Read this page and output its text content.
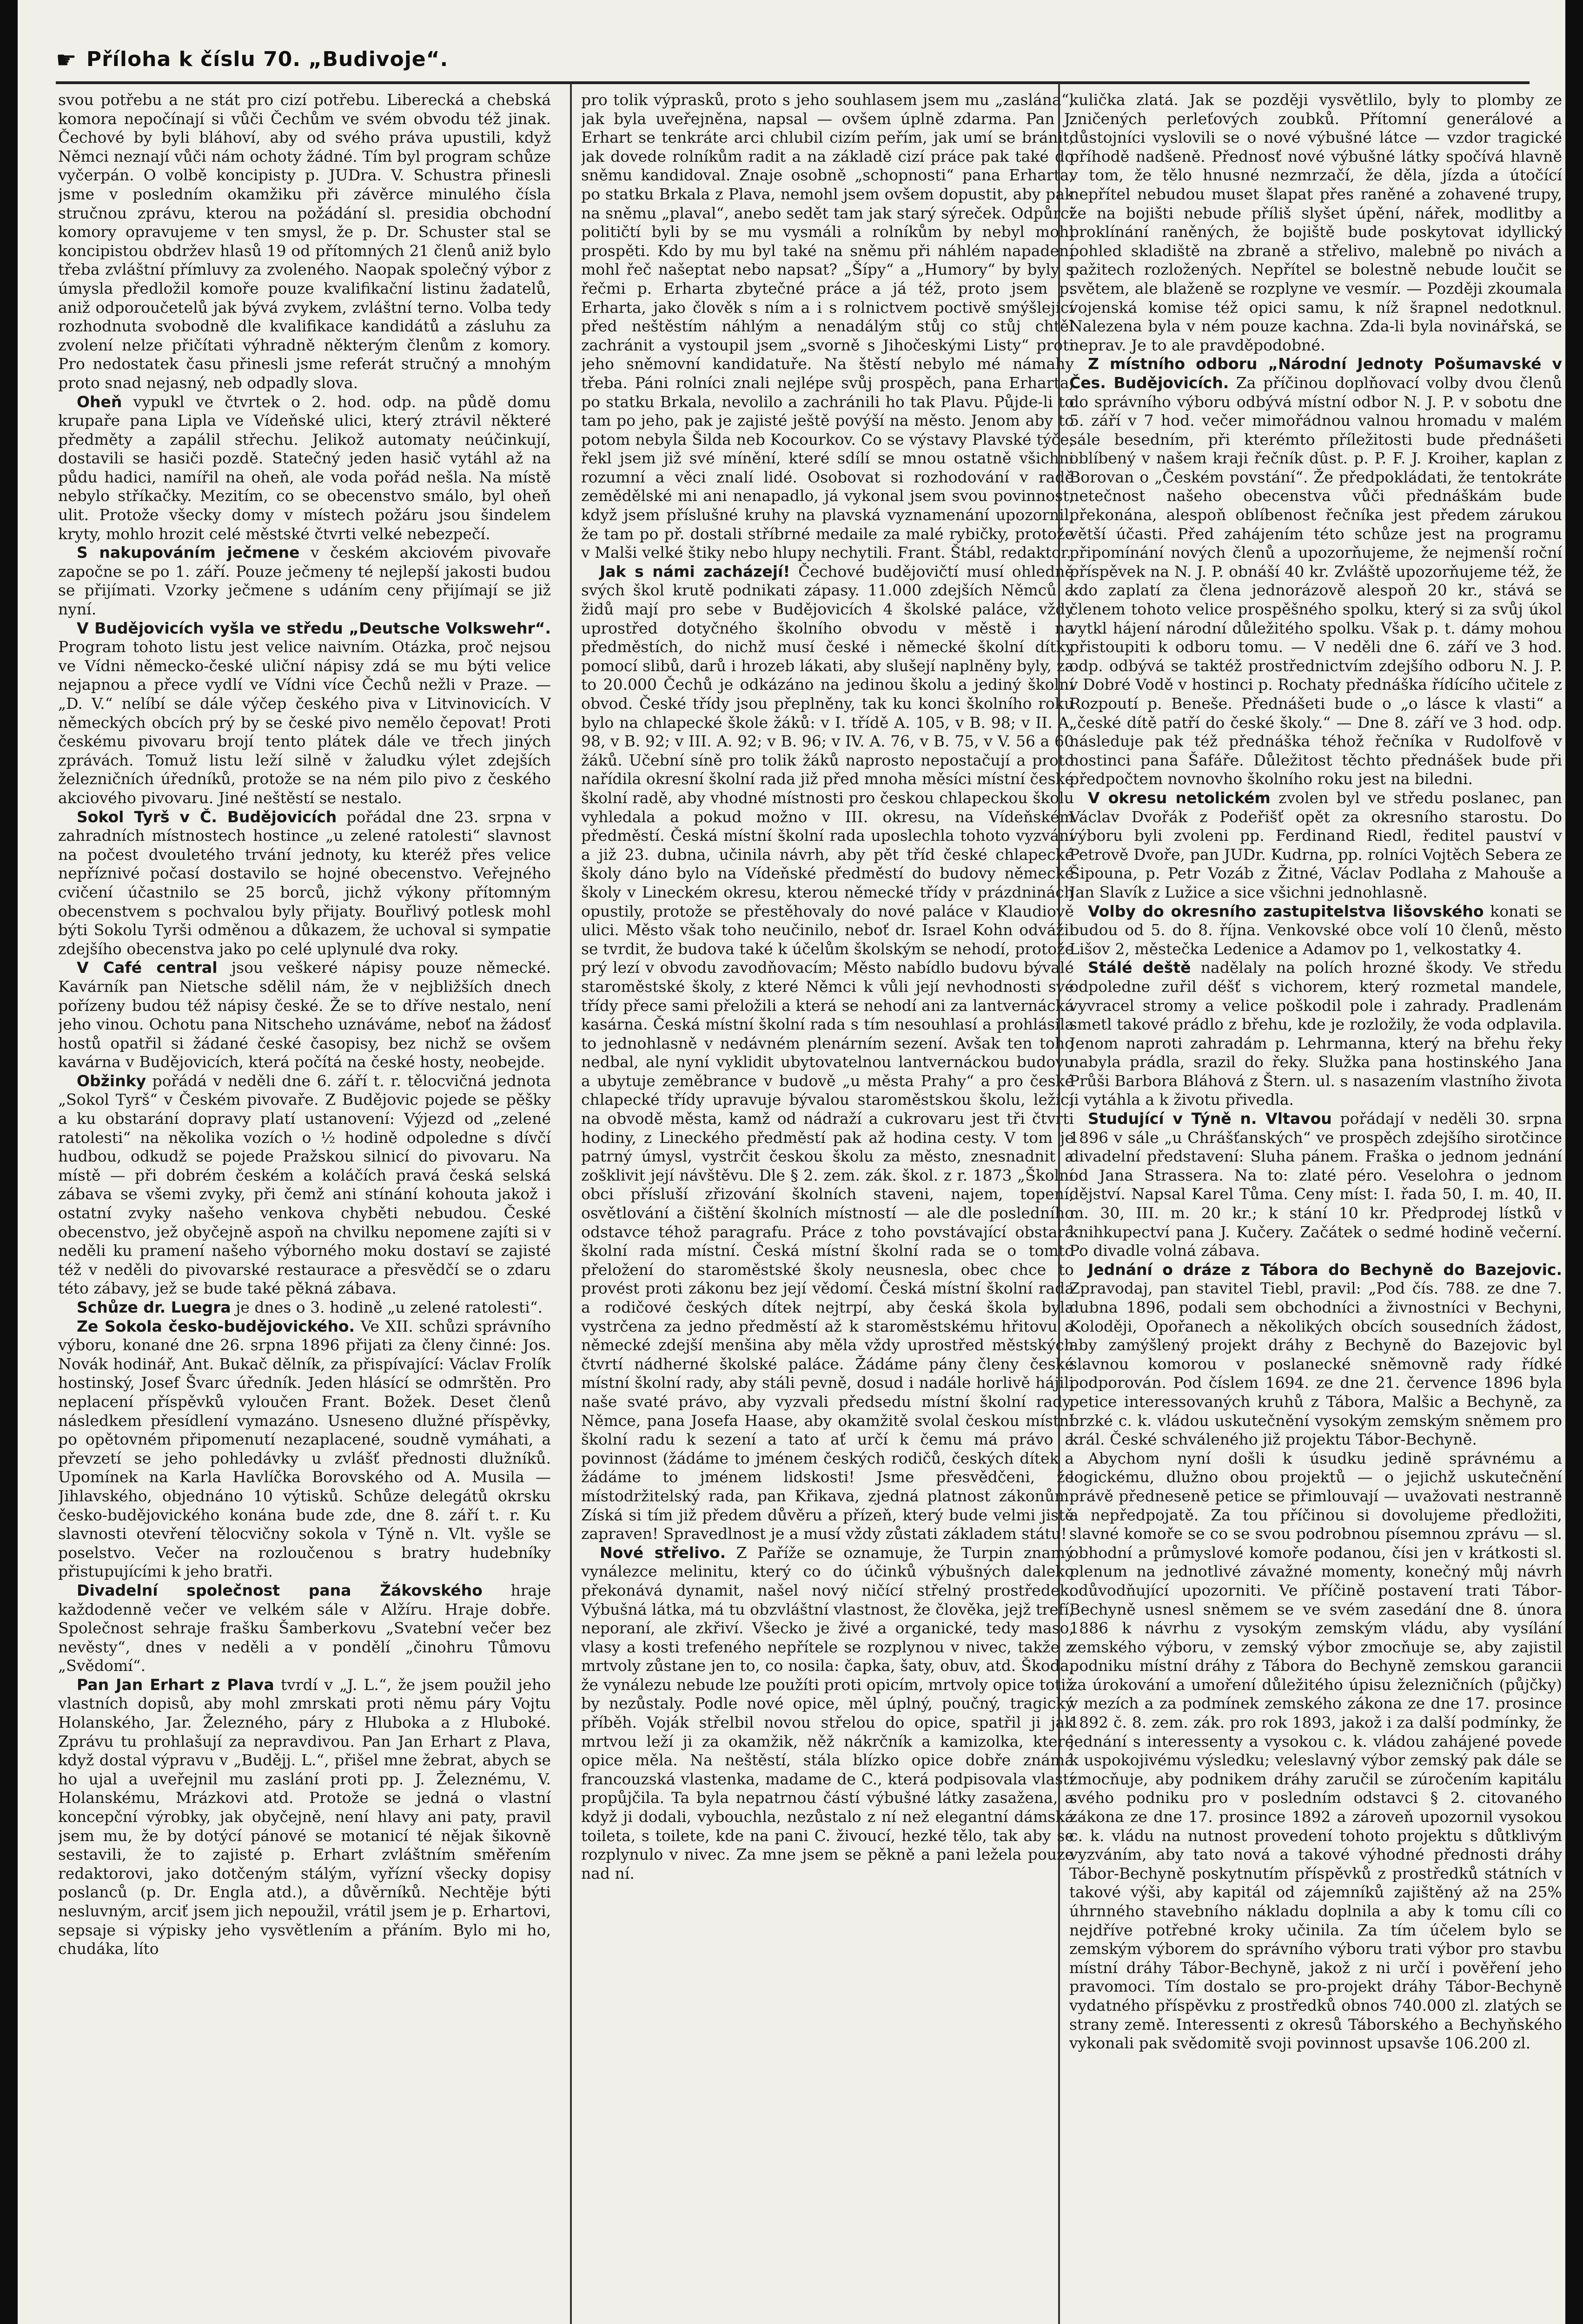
☛ Příloha k číslu 70. „Budivoje“.

svou potřebu a ne stát pro cizí potřebu. Liberecká a chebská komora nepočínají si vůči Čechům ve svém obvodu též jinak. Čechové by byli bláhoví, aby od svého práva upustili, když Němci neznají vůči nám ochoty žádné. Tím byl program schůze vyčerpán. O volbě koncipisty p. JUDra. V. Schustra přinesli jsme v posledním okamžiku při závěrce minulého čísla stručnou zprávu, kterou na požádání sl. presidia obchodní komory opravujeme v ten smysl, že p. Dr. Schuster stal se koncipistou obdržev hlasů 19 od přítomných 21 členů aniž bylo třeba zvláštní přímluvy za zvoleného. Naopak společný výbor z úmysla předložil komoře pouze kvalifikační listinu žadatelů, aniž odporoučetelů jak bývá zvykem, zvláštní terno. Volba tedy rozhodnuta svobodně dle kvalifikace kandidátů a zásluhu za zvolení nelze přičítati výhradně některým členům z komory. Pro nedostatek času přinesli jsme referát stručný a mnohým proto snad nejasný, neb odpadly slova.

Oheň vypukl ve čtvrtek o 2. hod. odp. na půdě domu krupaře pana Lipla ve Vídeňské ulici, který ztrávil některé předměty a zapálil střechu. Jelikož automaty neúčinkují, dostavili se hasiči pozdě. Statečný jeden hasič vytáhl až na půdu hadici, namířil na oheň, ale voda pořád nešla. Na místě nebylo stříkačky. Mezitím, co se obecenstvo smálo, byl oheň ulit. Protože všecky domy v místech požáru jsou šindelem kryty, mohlo hrozit celé městské čtvrti velké nebezpečí.

S nakupováním ječmene v českém akciovém pivovaře započne se po 1. září. Pouze ječmeny té nejlepší jakosti budou se přijímati. Vzorky ječmene s udáním ceny přijímají se již nyní.

V Budějovicích vyšla ve středu „Deutsche Volkswehr“. Program tohoto listu jest velice naivním. Otázka, proč nejsou ve Vídni německo-české uliční nápisy zdá se mu býti velice nejapnou a přece vydlí ve Vídni více Čechů nežli v Praze. — „D. V.“ nelíbí se dále výčep českého piva v Litvinovicích. V německých obcích prý by se české pivo nemělo čepovat! Proti českému pivovaru brojí tento plátek dále ve třech jiných zprávách. Tomuž listu leží silně v žaludku výlet zdejších železničních úředníků, protože se na ném pilo pivo z českého akciového pivovaru. Jiné neštěstí se nestalo.

Sokol Tyrš v Č. Budějovicích pořádal dne 23. srpna v zahradních místnostech hostince „u zelené ratolesti“ slavnost na počest dvouletého trvání jednoty, ku kteréž přes velice nepříznivé počasí dostavilo se hojné obecenstvo. Veřejného cvičení účastnilo se 25 borců, jichž výkony přítomným obecenstvem s pochvalou byly přijaty. Bouřlivý potlesk mohl býti Sokolu Tyrši odměnou a důkazem, že uchoval si sympatie zdejšího obecenstva jako po celé uplynulé dva roky.

V Café central jsou veškeré nápisy pouze německé. Kavárník pan Nietsche sdělil nám, že v nejbližších dnech pořízeny budou též nápisy české. Že se to dříve nestalo, není jeho vinou. Ochotu pana Nitscheho uznáváme, neboť na žádosť hostů opatřil si žádané české časopisy, bez nichž se ovšem kavárna v Budějovicích, která počítá na české hosty, neobejde.

Obžinky pořádá v neděli dne 6. září t. r. tělocvičná jednota „Sokol Tyrš“ v Českém pivovaře. Z Budějovic pojede se pěšky a ku obstarání dopravy platí ustanovení: Výjezd od „zelené ratolesti“ na několika vozích o ½ hodině odpoledne s dívčí hudbou, odkudž se pojede Pražskou silnicí do pivovaru. Na místě — při dobrém českém a koláčích pravá česká selská zábava se všemi zvyky, při čemž ani stínání kohouta jakož i ostatní zvyky našeho venkova chyběti nebudou. České obecenstvo, jež obyčejně aspoň na chvilku nepomene zajíti si v neděli ku pramení našeho výborného moku dostaví se zajisté též v neděli do pivovarské restaurace a přesvědčí se o zdaru této zábavy, jež se bude také pěkná zábava.

Schůze dr. Luegra je dnes o 3. hodině „u zelené ratolesti“.

Ze Sokola česko-budějovického. Ve XII. schůzi správního výboru, konané dne 26. srpna 1896 přijati za členy činné: Jos. Novák hodinář, Ant. Bukač dělník, za přispívající: Václav Frolík hostinský, Josef Švarc úředník. Jeden hlásící se odmrštěn. Pro neplacení příspěvků vyloučen Frant. Božek. Deset členů následkem přesídlení vymazáno. Usneseno dlužné příspěvky, po opětovném připomenutí nezaplacené, soudně vymáhati, a převzetí se jeho pohledávky u zvlášť přednosti dlužníků. Upomínek na Karla Havlíčka Borovského od A. Musila — Jihlavského, objednáno 10 výtisků. Schůze delegátů okrsku česko-budějovického konána bude zde, dne 8. září t. r. Ku slavnosti otevření tělocvičny sokola v Týně n. Vlt. vyšle se poselstvo. Večer na rozloučenou s bratry hudebníky přistupujícími k jeho bratři.

Divadelní společnost pana Žákovského hraje každodenně večer ve velkém sále v Alžíru. Hraje dobře. Společnost sehraje frašku Šamberkovu „Svatební večer bez nevěsty“, dnes v neděli a v pondělí „činohru Tůmovu „Svědomí“.

Pan Jan Erhart z Plava tvrdí v „J. L.“, že jsem použil jeho vlastních dopisů, aby mohl zmrskati proti němu páry Vojtu Holanského, Jar. Železného, páry z Hluboka a z Hluboké. Zprávu tu prohlašují za nepravdivou. Pan Jan Erhart z Plava, když dostal výpravu v „Budějj. L.“, přišel mne žebrat, abych se ho ujal a uveřejnil mu zaslání proti pp. J. Železnému, V. Holanskému, Mrázkovi atd. Protože se jedná o vlastní koncepční výrobky, jak obyčejně, není hlavy ani paty, pravil jsem mu, že by dotýcí pánové se motanicí té nějak šikovně sestavili, že to zajisté p. Erhart zvláštním směřením redaktorovi, jako dotčeným stálým, vyřízní všecky dopisy poslanců (p. Dr. Engla atd.), a důvěrníků. Nechtěje býti nesluvným, arciť jsem jich nepoužil, vrátil jsem je p. Erhartovi, sepsaje si výpisky jeho vysvětlením a přáním. Bylo mi ho, chudáka, líto

pro tolik výprasků, proto s jeho souhlasem jsem mu „zaslána“, jak byla uveřejněna, napsal — ovšem úplně zdarma. Pan J. Erhart se tenkráte arci chlubil cizím peřím, jak umí se bránit, jak dovede rolníkům radit a na základě cizí práce pak také do sněmu kandidoval. Znaje osobně „schopnosti“ pana Erharta, po statku Brkala z Plava, nemohl jsem ovšem dopustit, aby pak na sněmu „plaval“, anebo sedět tam jak starý sýreček. Odpůrci političtí byli by se mu vysmáli a rolníkům by nebyl mohl prospěti. Kdo by mu byl také na sněmu při náhlém napadení mohl řeč našeptat nebo napsat? „Šípy“ a „Humory“ by byly s řečmi p. Erharta zbytečné práce a já též, proto jsem p. Erharta, jako člověk s ním a i s rolnictvem poctivě smýšlející před neštěstím náhlým a nenadálým stůj co stůj chtěl zachránit a vystoupil jsem „svorně s Jihočeskými Listy“ proti jeho sněmovní kandidatuře. Na štěstí nebylo mé námahy třeba. Páni rolníci znali nejlépe svůj prospěch, pana Erharta, po statku Brkala, nevolilo a zachránili ho tak Plavu. Půjde-li to tam po jeho, pak je zajisté ještě povýší na město. Jenom aby to potom nebyla Šilda neb Kocourkov. Co se výstavy Plavské týče, řekl jsem již své mínění, které sdílí se mnou ostatně všichni rozumní a věci znalí lidé. Osobovat si rozhodování v radě zemědělské mi ani nenapadlo, já vykonal jsem svou povinnost, když jsem příslušné kruhy na plavská vyznamenání upozornil, že tam po př. dostali stříbrné medaile za malé rybičky, protože v Malši velké štiky nebo hlupy nechytili. Frant. Štábl, redaktor.

Jak s námi zacházejí! Čechové budějovičtí musí ohledně svých škol krutě podnikati zápasy. 11.000 zdejších Němců a židů mají pro sebe v Budějovicích 4 školské paláce, vždy uprostřed dotyčného školního obvodu v městě i na předměstích, do nichž musí české i německé školní dítky pomocí slibů, darů i hrozeb lákati, aby slušejí naplněny byly, za to 20.000 Čechů je odkázáno na jedinou školu a jediný školní obvod. České třídy jsou přeplněny, tak ku konci školního roku bylo na chlapecké škole žáků: v I. třídě A. 105, v B. 98; v II. A. 98, v B. 92; v III. A. 92; v B. 96; v IV. A. 76, v B. 75, v V. 56 a 60 žáků. Učební síně pro tolik žáků naprosto nepostačují a proto nařídila okresní školní rada již před mnoha měsíci místní české školní radě, aby vhodné místnosti pro českou chlapeckou školu vyhledala a pokud možno v III. okresu, na Vídeňském předměstí. Česká místní školní rada uposlechla tohoto vyzvání a již 23. dubna, učinila návrh, aby pět tříd české chlapecké školy dáno bylo na Vídeňské předměstí do budovy německé školy v Lineckém okresu, kterou německé třídy v prázdninách opustily, protože se přestěhovaly do nové paláce v Klaudiově ulici. Město však toho neučinilo, neboť dr. Israel Kohn odvážil se tvrdit, že budova také k účelům školským se nehodí, protože prý lezí v obvodu zavodňovacím; Město nabídlo budovu bývalé staroměstské školy, z které Němci k vůli její nevhodnosti své třídy přece sami přeložili a která se nehodí ani za lantvernácká kasárna. Česká místní školní rada s tím nesouhlasí a prohlásila to jednohlasně v nedávném plenárním sezení. Avšak ten toho nedbal, ale nyní vyklidit ubytovatelnou lantvernáckou budovu a ubytuje zeměbrance v budově „u města Prahy“ a pro české chlapecké třídy upravuje bývalou staroměstskou školu, ležící na obvodě města, kamž od nádraží a cukrovaru jest tři čtvrti hodiny, z Lineckého předměstí pak až hodina cesty. V tom je patrný úmysl, vystrčit českou školu za město, znesnadnit a zošklivit její návštěvu. Dle § 2. zem. zák. škol. z r. 1873 „Školní obci přísluší zřizování školních staveni, najem, topení, osvětlování a čištění školních místností — ale dle posledního odstavce téhož paragrafu. Práce z toho povstávající obstará školní rada místní. Česká místní školní rada se o tomto přeložení do staroměstské školy neusnesla, obec chce to provést proti zákonu bez její vědomí. Česká místní školní rada a rodičové českých dítek nejtrpí, aby česká škola byla vystrčena za jedno předměstí až k staroměstskému hřitovu a německé zdejší menšina aby měla vždy uprostřed městských čtvrtí nádherné školské paláce. Žádáme pány členy české místní školní rady, aby stáli pevně, dosud i nadále horlivě hájili naše svaté právo, aby vyzvali předsedu místní školní rady, Němce, pana Josefa Haase, aby okamžitě svolal českou místní školní radu k sezení a tato ať určí k čemu má právo a povinnost (žádáme to jménem českých rodičů, českých dítek a žádáme to jménem lidskosti! Jsme přesvědčeni, že místodržitelský rada, pan Křikava, zjedná platnost zákonům. Získá si tím již předem důvěru a přízeň, který bude velmi jistě zapraven! Spravedlnost je a musí vždy zůstati základem státu!

Nové střelivo. Z Paříže se oznamuje, že Turpin znamý vynálezce melinitu, který co do účinků výbušných daleko překonává dynamit, našel nový ničící střelný prostředek. Výbušná látka, má tu obzvláštní vlastnost, že člověka, jejž trefí, neporaní, ale zkřiví. Všecko je živé a organické, tedy maso, vlasy a kosti trefeného nepřítele se rozplynou v nivec, takže z mrtvoly zůstane jen to, co nosila: čapka, šaty, obuv, atd. Škoda, že vynálezu nebude lze použíti proti opicím, mrtvoly opice totiž by nezůstaly. Podle nové opice, měl úplný, poučný, tragický příběh. Voják střelbil novou střelou do opice, spatřil ji jak mrtvou leží ji za okamžik, něž nákrčník a kamizolka, které opice měla. Na neštěstí, stála blízko opice dobře známá francouzská vlastenka, madame de C., která podpisovala vlastí propůjčila. Ta byla nepatrnou částí výbušné látky zasažena, a když ji dodali, vybouchla, nezůstalo z ní než elegantní dámská toileta, s toilete, kde na pani C. živoucí, hezké tělo, tak aby se rozplynulo v nivec. Za mne jsem se pěkně a pani ležela pouze nad ní.

kulička zlatá. Jak se později vysvětlilo, byly to plomby ze zničených perleťových zoubků. Přítomní generálové a důstojníci vyslovili se o nové výbušné látce — vzdor tragické příhodě nadšeně. Přednosť nové výbušné látky spočívá hlavně v tom, že tělo hnusné nezmrzačí, že děla, jízda a útočící nepřítel nebudou muset šlapat přes raněné a zohavené trupy, že na bojišti nebude příliš slyšet úpění, nářek, modlitby a proklínání raněných, že bojiště bude poskytovat idyllický pohled skladiště na zbraně a střelivo, malebně po nivách a pažitech rozložených. Nepřítel se bolestně nebude loučit se světem, ale blaženě se rozplyne ve vesmír. — Později zkoumala vojenská komise též opici samu, k níž šrapnel nedotknul. Nalezena byla v ném pouze kachna. Zda-li byla novinářská, se neprav. Je to ale pravděpodobné.

Z místního odboru „Národní Jednoty Pošumavské v Čes. Budějovicích. Za příčinou doplňovací volby dvou členů do správního výboru odbývá místní odbor N. J. P. v sobotu dne 5. září v 7 hod. večer mimořádnou valnou hromadu v malém sále besedním, při kterémto příležitosti bude přednášeti oblíbený v našem kraji řečník dûst. p. P. F. J. Kroiher, kaplan z Borovan o „Českém povstání“. Že předpokládati, že tentokráte netečnost našeho obecenstva vůči přednáškám bude překonána, alespoň oblíbenost řečníka jest předem zárukou větší účasti. Před zahájením této schůze jest na programu připomínání nových členů a upozorňujeme, že nejmenší roční příspěvek na N. J. P. obnáší 40 kr. Zvláště upozorňujeme též, že kdo zaplatí za člena jednorázově alespoň 20 kr., stává se členem tohoto velice prospěšného spolku, který si za svůj úkol vytkl hájení národní důležitého spolku. Však p. t. dámy mohou přistoupiti k odboru tomu. — V neděli dne 6. září ve 3 hod. odp. odbývá se taktéž prostřednictvím zdejšího odboru N. J. P. v Dobré Vodě v hostinci p. Rochaty přednáška řídícího učitele z Rozpoutí p. Beneše. Přednášeti bude o „o lásce k vlasti“ a „české dítě patří do české školy.“ — Dne 8. září ve 3 hod. odp. následuje pak též přednáška téhož řečníka v Rudolfově v hostinci pana Šafáře. Důležitost těchto přednášek bude při předpočtem novnovho školního roku jest na biledni.

V okresu netolickém zvolen byl ve středu poslanec, pan Václav Dvořák z Podeřišť opět za okresního starostu. Do výboru byli zvoleni pp. Ferdinand Riedl, ředitel pauství v Petrově Dvoře, pan JUDr. Kudrna, pp. rolníci Vojtěch Sebera ze Šipouna, p. Petr Vozáb z Žitné, Václav Podlaha z Mahouše a Jan Slavík z Lužice a sice všichni jednohlasně.

Volby do okresního zastupitelstva lišovského konati se budou od 5. do 8. října. Venkovské obce volí 10 členů, město Lišov 2, městečka Ledenice a Adamov po 1, velkostatky 4.

Stálé deště nadělaly na polích hrozné škody. Ve středu odpoledne zuřil déšť s vichorem, který rozmetal mandele, vyvracel stromy a velice poškodil pole i zahrady. Pradlenám smetl takové prádlo z břehu, kde je rozložily, že voda odplavila. Jenom naproti zahradám p. Lehrmanna, který na břehu řeky nabyla prádla, srazil do řeky. Služka pana hostinského Jana Průši Barbora Bláhová z Štern. ul. s nasazením vlastního života ji vytáhla a k životu přivedla.

Studující v Týně n. Vltavou pořádají v neděli 30. srpna 1896 v sále „u Chrášťanských“ ve prospěch zdejšího sirotčince divadelní představení: Sluha pánem. Fraška o jednom jednání od Jana Strassera. Na to: zlaté péro. Veselohra o jednom dějství. Napsal Karel Tůma. Ceny míst: I. řada 50, I. m. 40, II. m. 30, III. m. 20 kr.; k stání 10 kr. Předprodej lístků v knihkupectví pana J. Kučery. Začátek o sedmé hodině večerní. Po divadle volná zábava.

Jednání o dráze z Táborа do Bechyně do Bazejovic. Zpravodaj, pan stavitel Tiebl, pravil: „Pod čís. 788. ze dne 7. dubna 1896, podali sem obchodníci a živnostníci v Bechyni, Koloději, Opořanech a několikých obcích sousedních žádost, aby zamýšlený projekt dráhy z Bechyně do Bazejovic byl slavnou komorou v poslanecké sněmovně rady řídké podporován. Pod číslem 1694. ze dne 21. července 1896 byla petice interessovaných kruhů z Tábora, Malšic a Bechyně, za brzké c. k. vládou uskutečnění vysokým zemským sněmem pro král. České schváleného již projektu Tábor-Bechyně.

Abychom nyní došli k úsudku jedině správnému a logickému, dlužno obou projektů — o jejichž uskutečnění právě předneseně petice se přimlouvají — uvažovati nestranně a nepředpojatě. Za tou příčinou si dovolujeme předložiti, slavné komoře se co se svou podrobnou písemnou zprávu — sl. obhodní a průmyslové komoře podanou, čísi jen v krátkosti sl. plenum na jednotlivé závažné momenty, konečný můj návrh odůvodňující upozorniti. Ve příčině postavení trati Tábor-Bechyně usnesl sněmem se ve svém zasedání dne 8. února 1886 k návrhu z vysokým zemským vládu, aby vysílání zemského výboru, v zemský výbor zmocňuje se, aby zajistil podniku místní dráhy z Tábora do Bechyně zemskou garancii za úrokování a umoření důležitého úpisu železničních (půjčky) v mezích a za podmínek zemského zákona ze dne 17. prosince 1892 č. 8. zem. zák. pro rok 1893, jakož i za další podmínky, že jednání s interessenty a vysokou c. k. vládou zahájené povede k uspokojivému výsledku; veleslavný výbor zemský pak dále se zmocňuje, aby podnikem dráhy zaručil se zúročením kapitálu svého podniku pro v posledním odstavci § 2. citovaného zákona ze dne 17. prosince 1892 a zároveň upozornil vysokou c. k. vládu na nutnost provedení tohoto projektu s důtklivým vyzváním, aby tato nová a takové výhodné přednosti dráhy Tábor-Bechyně poskytnutím příspěvků z prostředků státních v takové výši, aby kapitál od zájemníků zajištěný až na 25% úhrnného stavebního nákladu doplnila a aby k tomu cíli co nejdříve potřebné kroky učinila. Za tím účelem bylo se zemským výborem do správního výboru trati výbor pro stavbu místní dráhy Tábor-Bechyně, jakož z ni určí i pověření jeho pravomoci. Tím dostalo se pro-projekt dráhy Tábor-Bechyně vydatného příspěvku z prostředků obnos 740.000 zl. zlatých se strany země. Interessenti z okresů Táborského a Bechyňského vykonali pak svědomitě svoji povinnost upsavše 106.200 zl.
